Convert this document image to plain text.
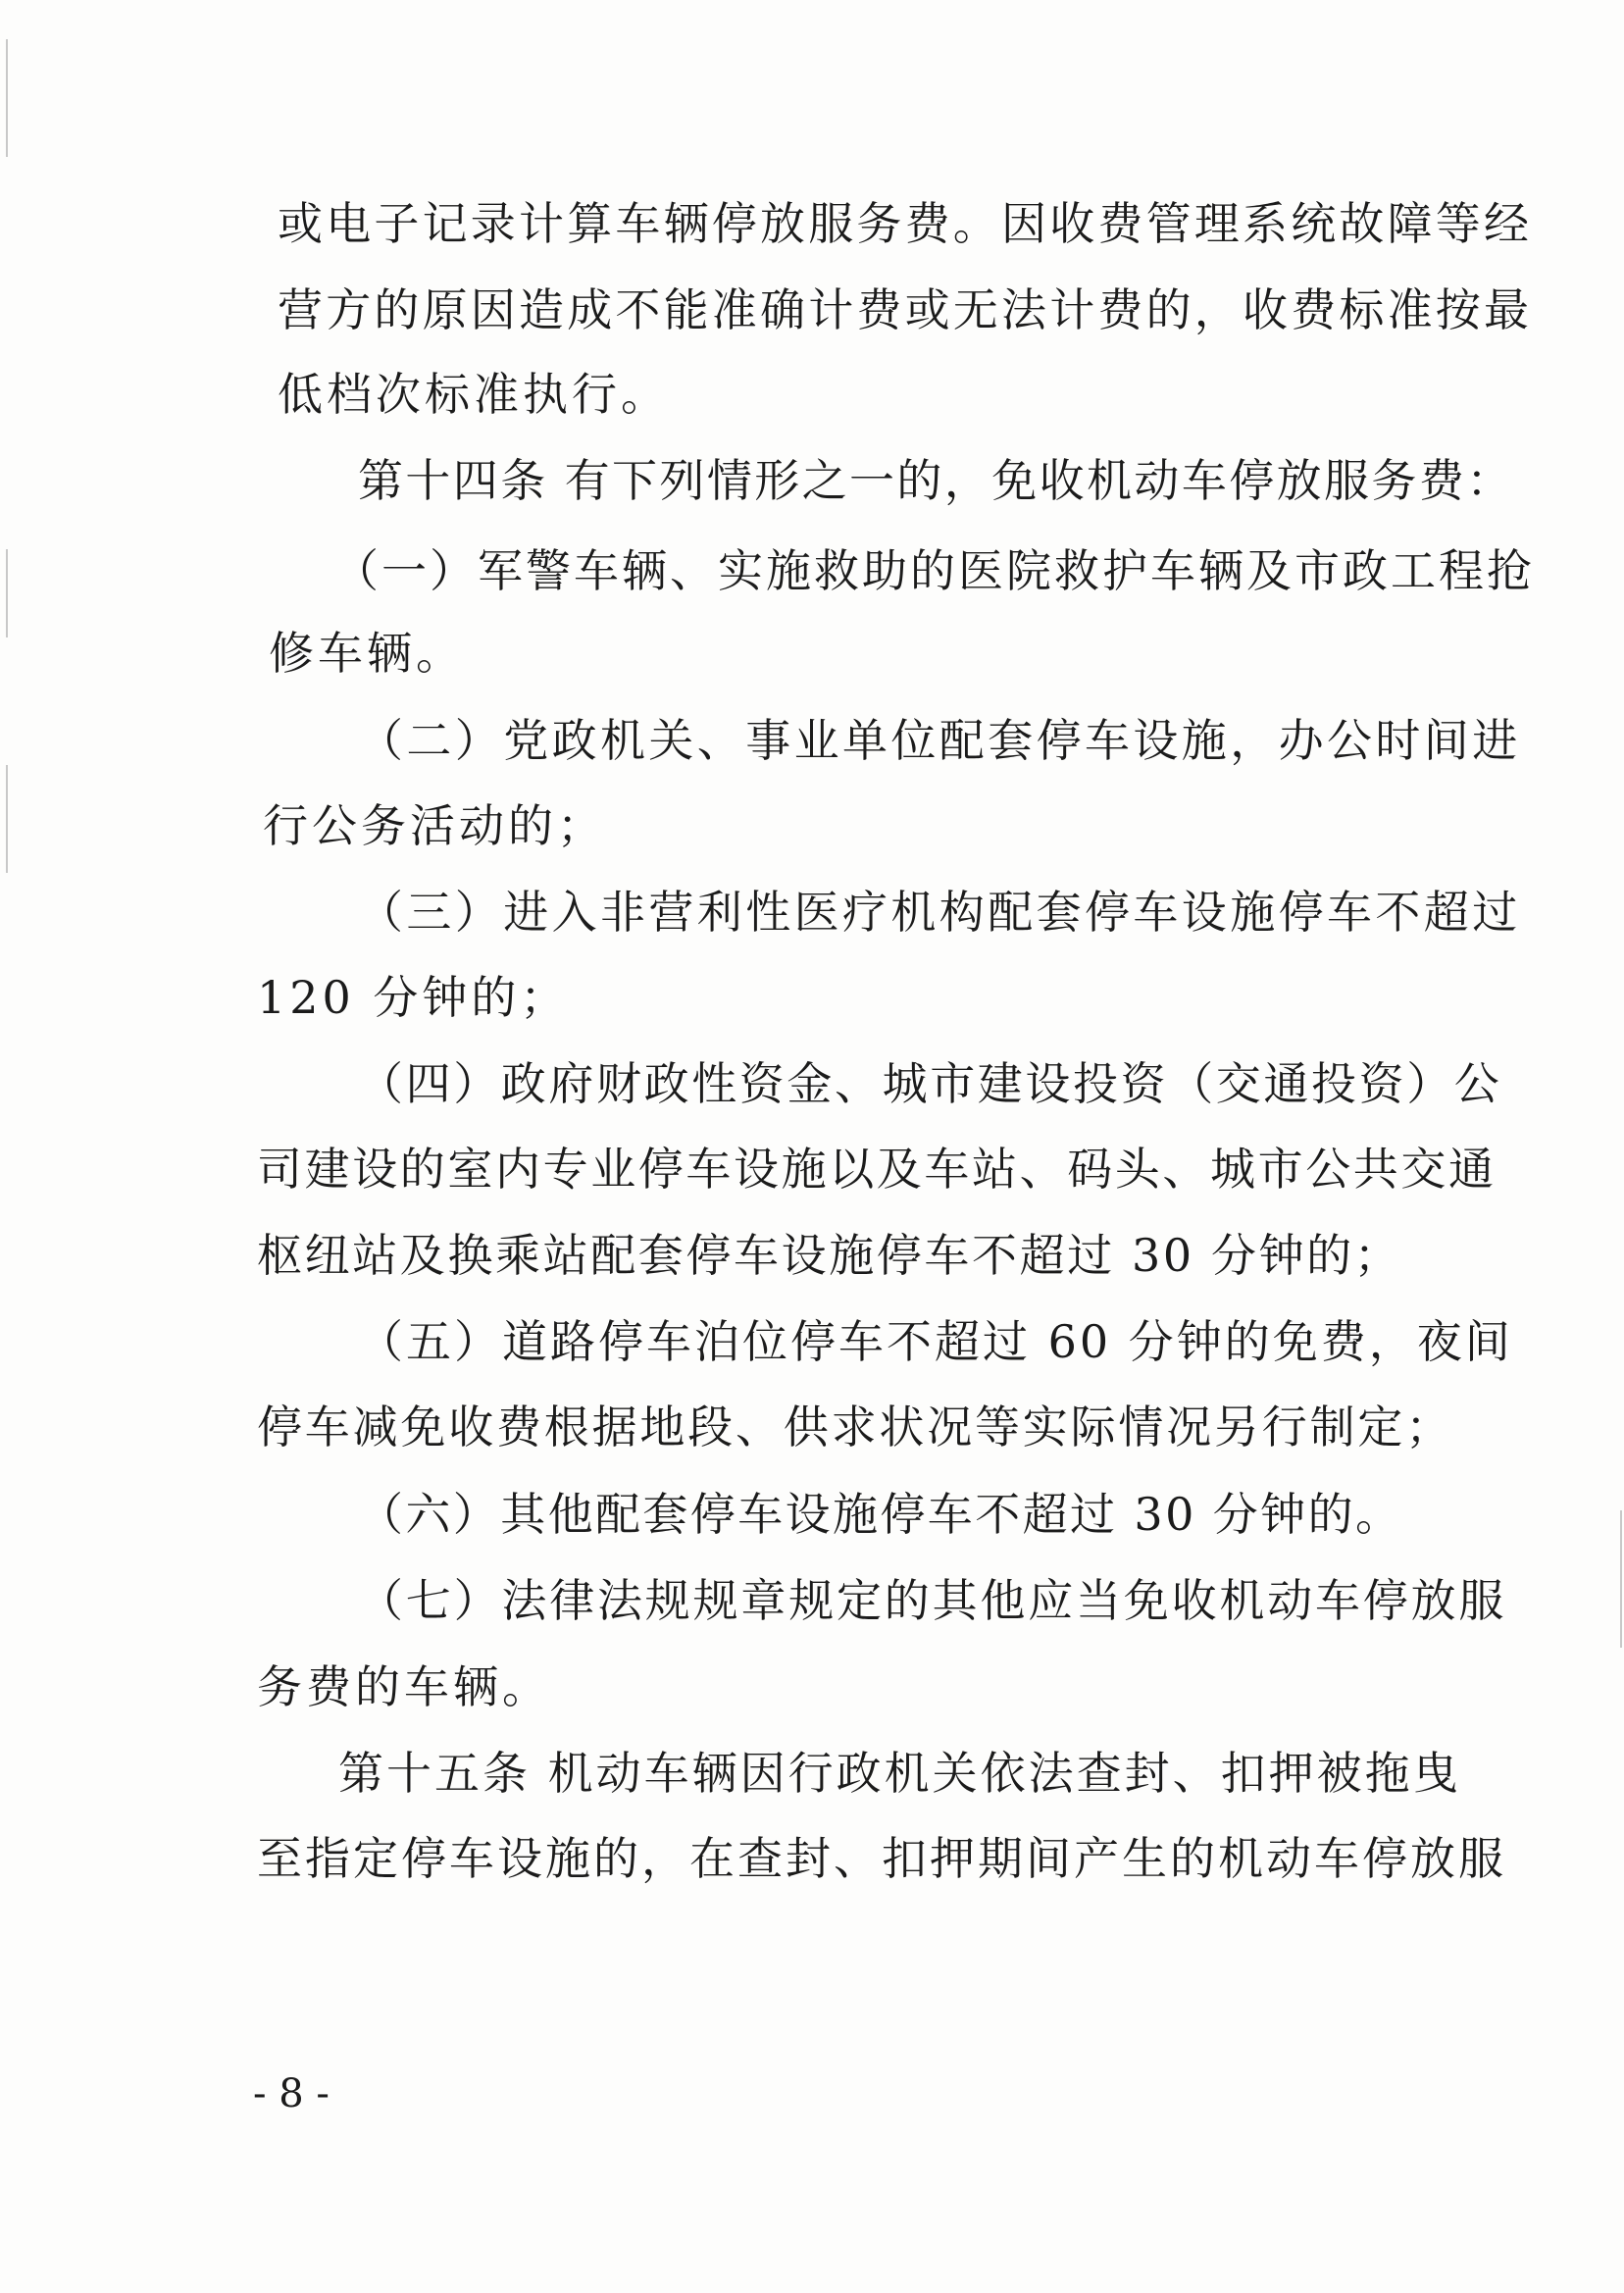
或电子记录计算车辆停放服务费。因收费管理系统故障等经
营方的原因造成不能准确计费或无法计费的，收费标准按最
低档次标准执行。
第十四条 有下列情形之一的，免收机动车停放服务费：
（一）军警车辆、实施救助的医院救护车辆及市政工程抢
修车辆。
（二）党政机关、事业单位配套停车设施，办公时间进
行公务活动的；
（三）进入非营利性医疗机构配套停车设施停车不超过
120 分钟的；
（四）政府财政性资金、城市建设投资（交通投资）公
司建设的室内专业停车设施以及车站、码头、城市公共交通
枢纽站及换乘站配套停车设施停车不超过 30 分钟的；
（五）道路停车泊位停车不超过 60 分钟的免费，夜间
停车减免收费根据地段、供求状况等实际情况另行制定；
（六）其他配套停车设施停车不超过 30 分钟的。
（七）法律法规规章规定的其他应当免收机动车停放服
务费的车辆。
第十五条 机动车辆因行政机关依法查封、扣押被拖曳
至指定停车设施的，在查封、扣押期间产生的机动车停放服
- 8 -
